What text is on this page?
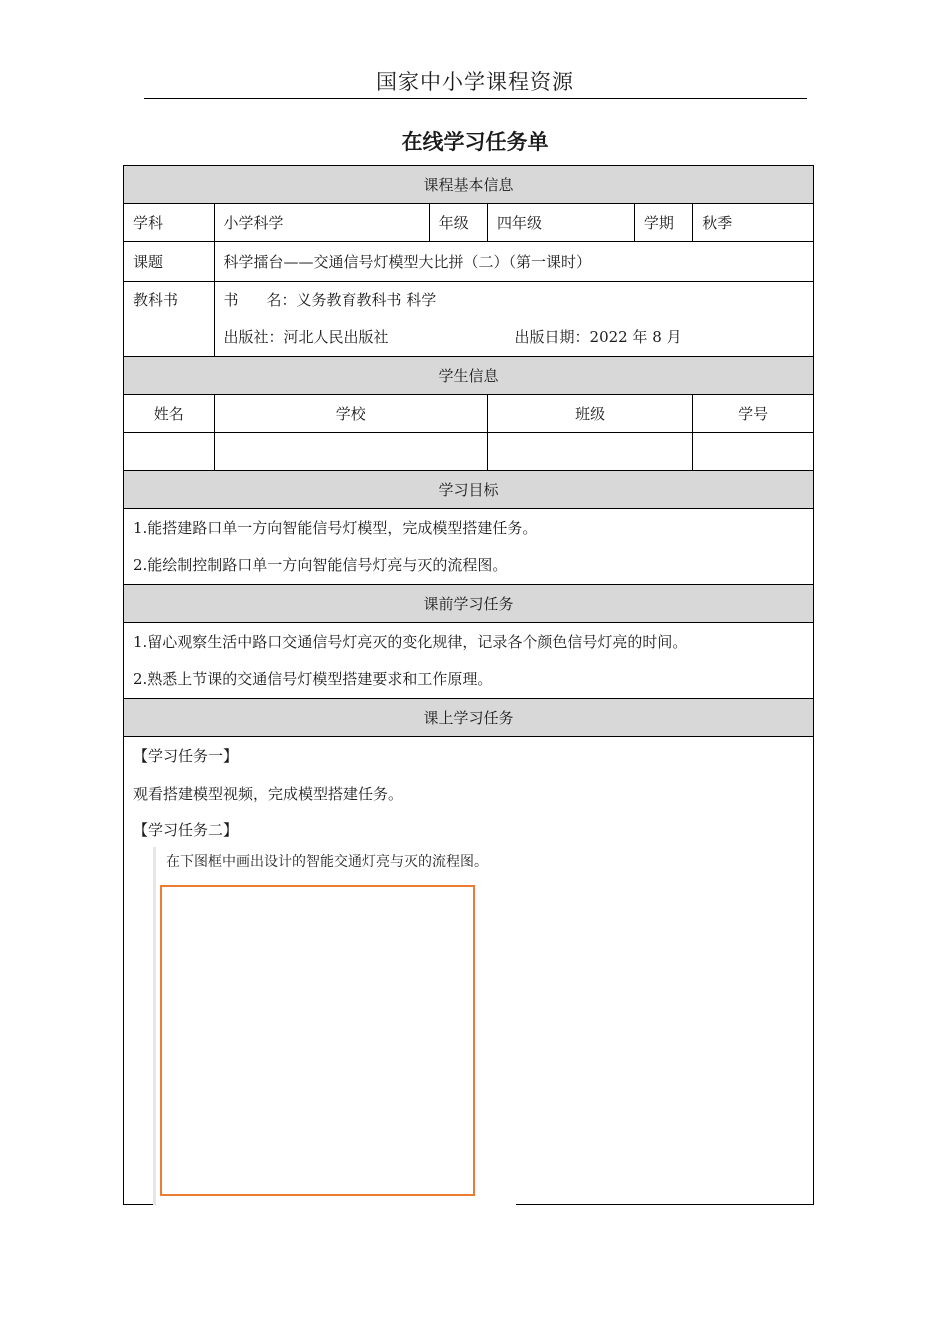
国家中小学课程资源
在线学习任务单
课程基本信息					
学科	小学科学	年级	四年级	学期	秋季
课题	科学擂台——交通信号灯模型大比拼（二）（第一课时）				

教科书	书 名：义务教育教科书 科学
出版社：河北人民出版社 出版日期：2022 年 8 月				

学生信息					
姓名	学校		班级		学号

学习目标					

1.能搭建路口单一方向智能信号灯模型，完成模型搭建任务。
2.能绘制控制路口单一方向智能信号灯亮与灭的流程图。					

课前学习任务					

1.留心观察生活中路口交通信号灯亮灭的变化规律，记录各个颜色信号灯亮的时间。
2.熟悉上节课的交通信号灯模型搭建要求和工作原理。					

课上学习任务					

【学习任务一】
观看搭建模型视频，完成模型搭建任务。
【学习任务二】
在下图框中画出设计的智能交通灯亮与灭的流程图。					
